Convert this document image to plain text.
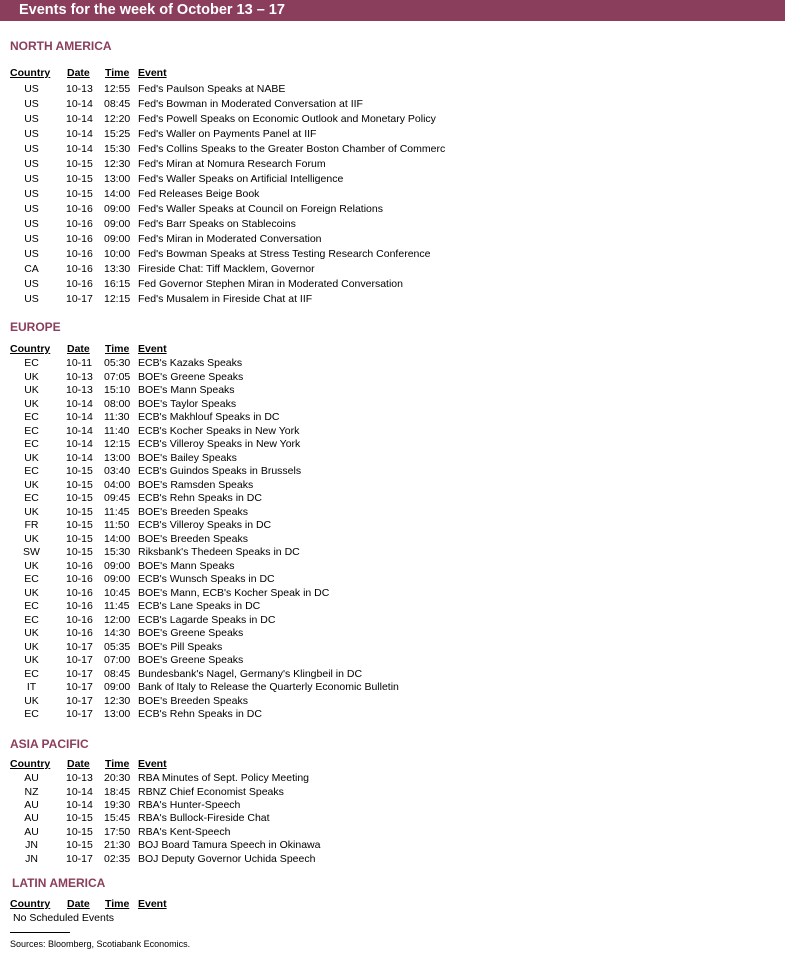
Events for the week of October 13 – 17
NORTH AMERICA
Country Date Time Event
US	10-13 12:55 Fed's Paulson Speaks at NABE
US	10-14 08:45 Fed's Bowman in Moderated Conversation at IIF
US	10-14 12:20 Fed's Powell Speaks on Economic Outlook and Monetary Policy
US	10-14 15:25 Fed's Waller on Payments Panel at IIF
US	10-14 15:30 Fed's Collins Speaks to the Greater Boston Chamber of Commerc
US	10-15 12:30 Fed's Miran at Nomura Research Forum
US	10-15 13:00 Fed's Waller Speaks on Artificial Intelligence
US	10-15 14:00 Fed Releases Beige Book
US	10-16 09:00 Fed's Waller Speaks at Council on Foreign Relations
US	10-16 09:00 Fed's Barr Speaks on Stablecoins
US	10-16 09:00 Fed's Miran in Moderated Conversation
US	10-16 10:00 Fed's Bowman Speaks at Stress Testing Research Conference
CA	10-16 13:30 Fireside Chat: Tiff Macklem, Governor
US	10-16 16:15 Fed Governor Stephen Miran in Moderated Conversation
US	10-17 12:15 Fed's Musalem in Fireside Chat at IIF
EUROPE
Country Date Time Event
EC	10-11 05:30 ECB's Kazaks Speaks
UK	10-13 07:05 BOE's Greene Speaks
UK	10-13 15:10 BOE's Mann Speaks
UK	10-14 08:00 BOE's Taylor Speaks
EC	10-14 11:30 ECB's Makhlouf Speaks in DC
EC	10-14 11:40 ECB's Kocher Speaks in New York
EC	10-14 12:15 ECB's Villeroy Speaks in New York
UK	10-14 13:00 BOE's Bailey Speaks
EC	10-15 03:40 ECB's Guindos Speaks in Brussels
UK	10-15 04:00 BOE's Ramsden Speaks
EC	10-15 09:45 ECB's Rehn Speaks in DC
UK	10-15 11:45 BOE's Breeden Speaks
FR	10-15 11:50 ECB's Villeroy Speaks in DC
UK	10-15 14:00 BOE's Breeden Speaks
SW	10-15 15:30 Riksbank's Thedeen Speaks in DC
UK	10-16 09:00 BOE's Mann Speaks
EC	10-16 09:00 ECB's Wunsch Speaks in DC
UK	10-16 10:45 BOE's Mann, ECB's Kocher Speak in DC
EC	10-16 11:45 ECB's Lane Speaks in DC
EC	10-16 12:00 ECB's Lagarde Speaks in DC
UK	10-16 14:30 BOE's Greene Speaks
UK	10-17 05:35 BOE's Pill Speaks
UK	10-17 07:00 BOE's Greene Speaks
EC	10-17 08:45 Bundesbank's Nagel, Germany's Klingbeil in DC
IT	10-17 09:00 Bank of Italy to Release the Quarterly Economic Bulletin
UK	10-17 12:30 BOE's Breeden Speaks
EC	10-17 13:00 ECB's Rehn Speaks in DC
ASIA PACIFIC
Country Date Time Event
AU	10-13 20:30 RBA Minutes of Sept. Policy Meeting
NZ	10-14 18:45 RBNZ Chief Economist Speaks
AU	10-14 19:30 RBA's Hunter-Speech
AU	10-15 15:45 RBA's Bullock-Fireside Chat
AU	10-15 17:50 RBA's Kent-Speech
JN	10-15 21:30 BOJ Board Tamura Speech in Okinawa
JN	10-17 02:35 BOJ Deputy Governor Uchida Speech
LATIN AMERICA
Country Date Time Event
No Scheduled Events
Sources: Bloomberg, Scotiabank Economics.
